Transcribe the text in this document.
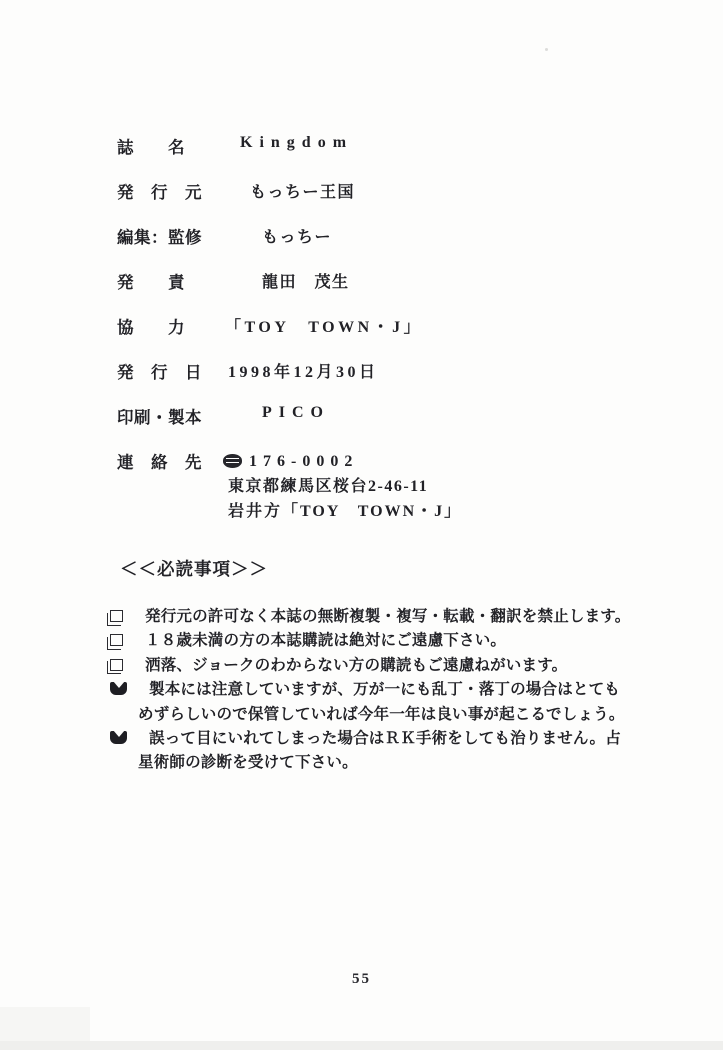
誌　　名	Kingdom
発　行　元	もっちー王国
編集：監修	もっちー
発　　責	龍田　茂生
協　　力	「TOY　TOWN・J」
発　行　日	1998年12月30日
印刷・製本	PICO
連　絡　先	176-0002
東京都練馬区桜台2-46-11
岩井方「TOY　TOWN・J」
＜＜必読事項＞＞
発行元の許可なく本誌の無断複製・複写・転載・翻訳を禁止します。
１８歳未満の方の本誌購読は絶対にご遠慮下さい。
洒落、ジョークのわからない方の購読もご遠慮ねがいます。
製本には注意していますが、万が一にも乱丁・落丁の場合はとてもめずらしいので保管していれば今年一年は良い事が起こるでしょう。
誤って目にいれてしまった場合はＲＫ手術をしても治りません。占星術師の診断を受けて下さい。
55
